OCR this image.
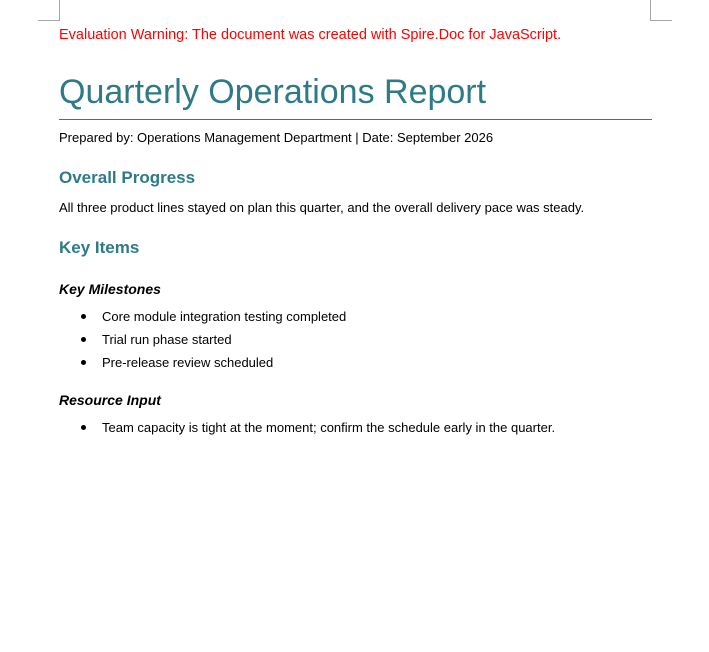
Evaluation Warning: The document was created with Spire.Doc for JavaScript.
Quarterly Operations Report
Prepared by: Operations Management Department | Date: September 2026
Overall Progress
All three product lines stayed on plan this quarter, and the overall delivery pace was steady.
Key Items
Key Milestones
Core module integration testing completed
Trial run phase started
Pre-release review scheduled
Resource Input
Team capacity is tight at the moment; confirm the schedule early in the quarter.
